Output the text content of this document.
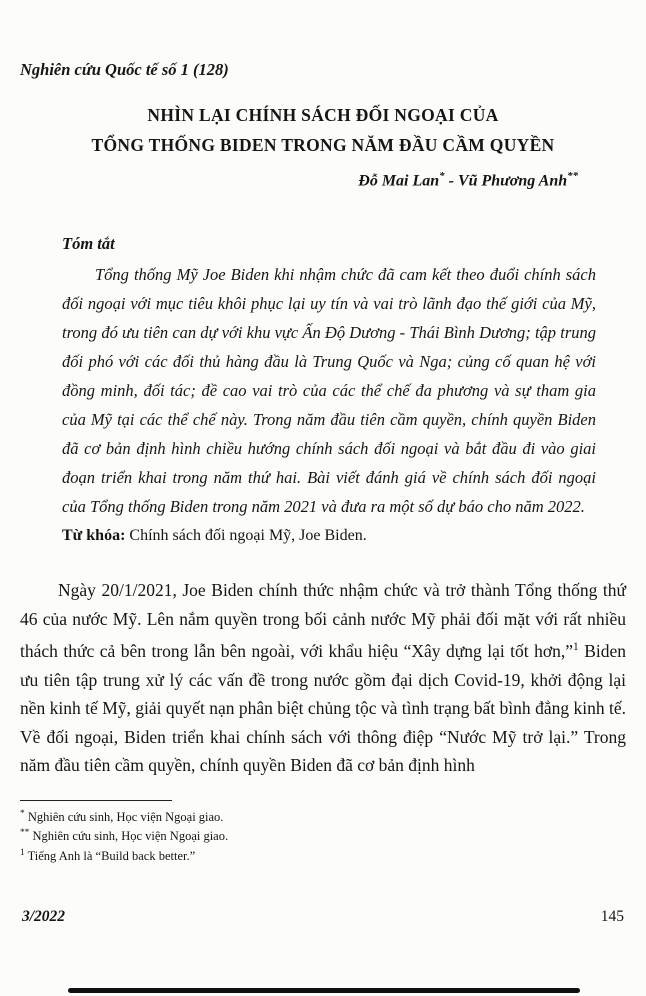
Nghiên cứu Quốc tế số 1 (128)
NHÌN LẠI CHÍNH SÁCH ĐỐI NGOẠI CỦA
TỔNG THỐNG BIDEN TRONG NĂM ĐẦU CẦM QUYỀN
Đỗ Mai Lan* - Vũ Phương Anh**
Tóm tắt

Tổng thống Mỹ Joe Biden khi nhậm chức đã cam kết theo đuổi chính sách đối ngoại với mục tiêu khôi phục lại uy tín và vai trò lãnh đạo thế giới của Mỹ, trong đó ưu tiên can dự với khu vực Ấn Độ Dương - Thái Bình Dương; tập trung đối phó với các đối thủ hàng đầu là Trung Quốc và Nga; củng cố quan hệ với đồng minh, đối tác; đề cao vai trò của các thể chế đa phương và sự tham gia của Mỹ tại các thể chế này. Trong năm đầu tiên cầm quyền, chính quyền Biden đã cơ bản định hình chiều hướng chính sách đối ngoại và bắt đầu đi vào giai đoạn triển khai trong năm thứ hai. Bài viết đánh giá về chính sách đối ngoại của Tổng thống Biden trong năm 2021 và đưa ra một số dự báo cho năm 2022.

Từ khóa: Chính sách đối ngoại Mỹ, Joe Biden.

Ngày 20/1/2021, Joe Biden chính thức nhậm chức và trở thành Tổng thống thứ 46 của nước Mỹ. Lên nắm quyền trong bối cảnh nước Mỹ phải đối mặt với rất nhiều thách thức cả bên trong lẫn bên ngoài, với khẩu hiệu “Xây dựng lại tốt hơn,”$^1$ Biden ưu tiên tập trung xử lý các vấn đề trong nước gồm đại dịch Covid-19, khởi động lại nền kinh tế Mỹ, giải quyết nạn phân biệt chủng tộc và tình trạng bất bình đẳng kinh tế. Về đối ngoại, Biden triển khai chính sách với thông điệp “Nước Mỹ trở lại.” Trong năm đầu tiên cầm quyền, chính quyền Biden đã cơ bản định hình

* Nghiên cứu sinh, Học viện Ngoại giao.
** Nghiên cứu sinh, Học viện Ngoại giao.
$^1$ Tiếng Anh là “Build back better.”
3/2022	145
